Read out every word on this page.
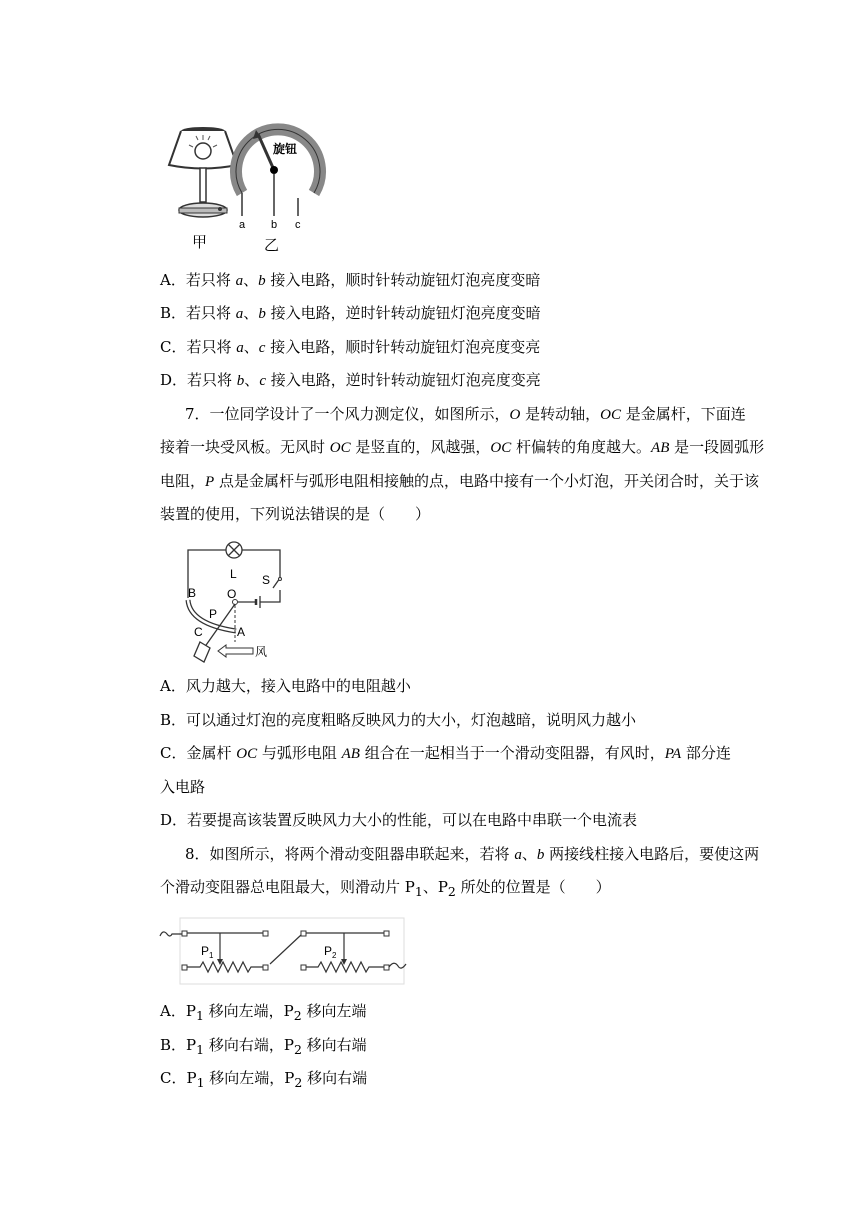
甲
旋钮
a b c
乙
A．若只将 a、b 接入电路，顺时针转动旋钮灯泡亮度变暗
B．若只将 a、b 接入电路，逆时针转动旋钮灯泡亮度变暗
C．若只将 a、c 接入电路，顺时针转动旋钮灯泡亮度变亮
D．若只将 b、c 接入电路，逆时针转动旋钮灯泡亮度变亮
7．一位同学设计了一个风力测定仪，如图所示，O 是转动轴，OC 是金属杆，下面连
接着一块受风板。无风时 OC 是竖直的，风越强，OC 杆偏转的角度越大。AB 是一段圆弧形
电阻，P 点是金属杆与弧形电阻相接触的点，电路中接有一个小灯泡，开关闭合时，关于该
装置的使用，下列说法错误的是（　　）
L S
风
B	O
P
C	A
A．风力越大，接入电路中的电阻越小
B．可以通过灯泡的亮度粗略反映风力的大小，灯泡越暗，说明风力越小
C．金属杆 OC 与弧形电阻 AB 组合在一起相当于一个滑动变阻器，有风时，PA 部分连
入电路
D．若要提高该装置反映风力大小的性能，可以在电路中串联一个电流表
8．如图所示，将两个滑动变阻器串联起来，若将 a、b 两接线柱接入电路后，要使这两
个滑动变阻器总电阻最大，则滑动片 $P_1$、$P_2$ 所处的位置是（　　）
$P_1$	$P_2$
A．$P_1$ 移向左端，$P_2$ 移向左端
B．$P_1$ 移向右端，$P_2$ 移向右端
C．$P_1$ 移向左端，$P_2$ 移向右端
